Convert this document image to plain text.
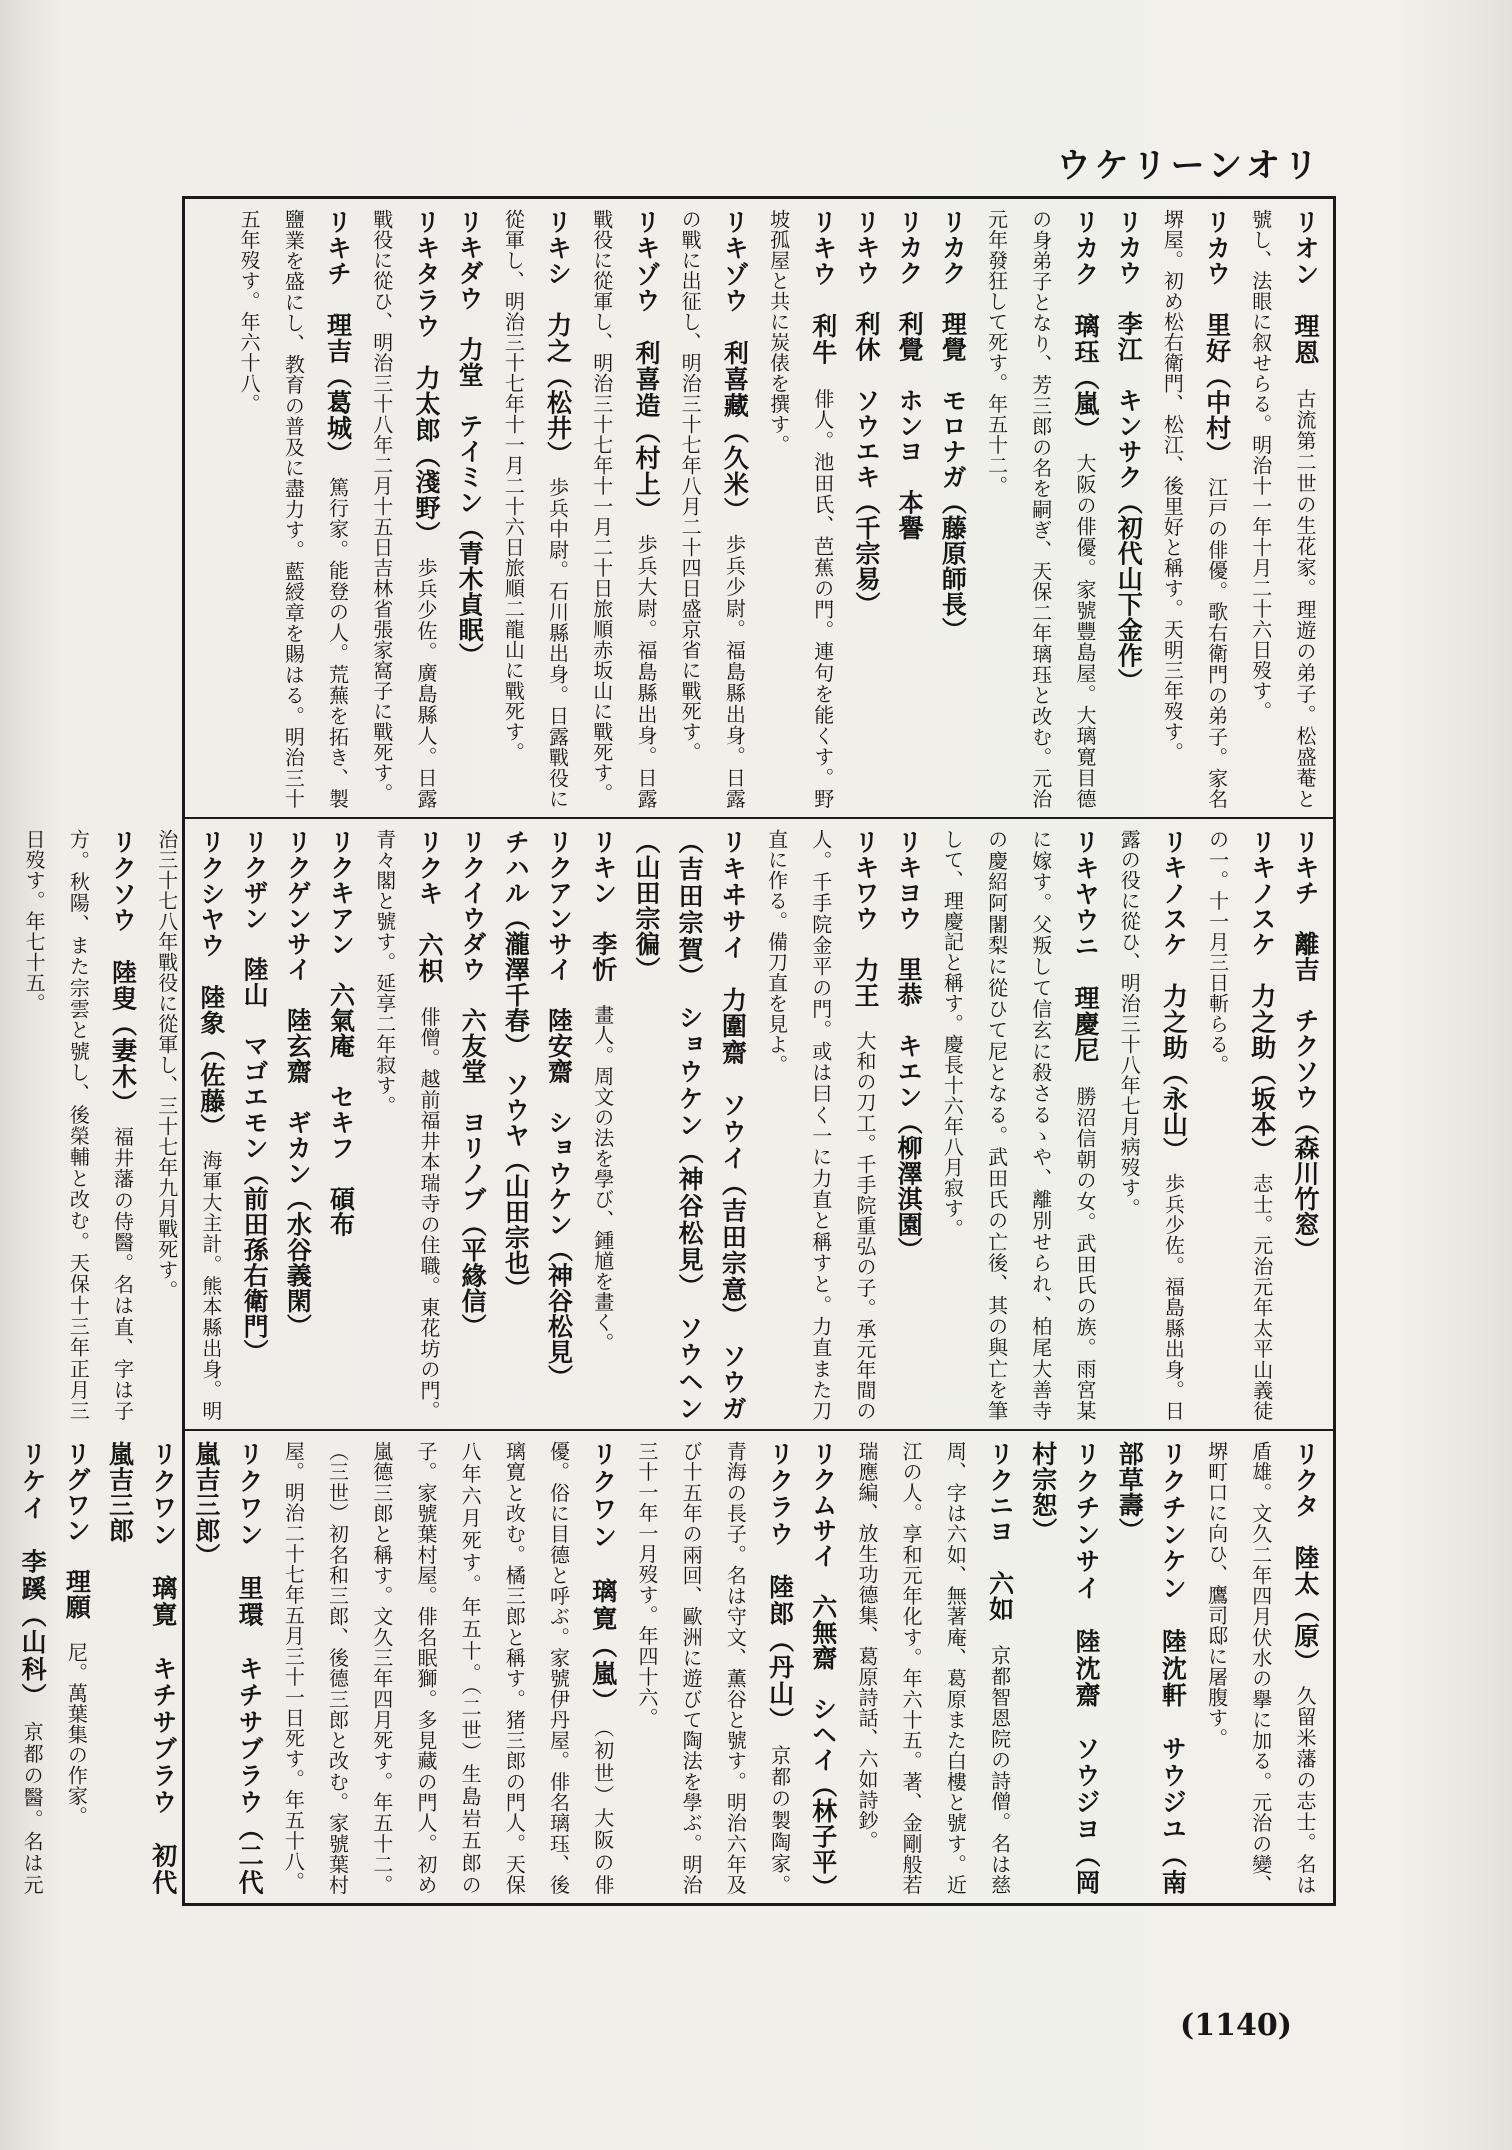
ウケリーンオリ

リオン　理恩　古流第二世の生花家。理遊の弟子。松盛菴と號し、法眼に叙せらる。明治十一年十月二十六日歿す。

リカウ　里好（中村）　江戸の俳優。歌右衛門の弟子。家名堺屋。初め松右衛門、松江、後里好と稱す。天明三年歿す。

リカウ　李江　キンサク（初代山下金作）

リカク　璃珏（嵐）　大阪の俳優。家號豐島屋。大璃寛目德の身弟子となり、芳三郎の名を嗣ぎ、天保二年璃珏と改む。元治元年發狂して死す。年五十二。

リカク　理覺　モロナガ（藤原師長）

リカク　利覺　ホンヨ　本譽

リキウ　利休　ソウエキ（千宗易）

リキウ　利牛　俳人。池田氏、芭蕉の門。連句を能くす。野坡孤屋と共に炭俵を撰す。

リキゾウ　利喜藏（久米）　歩兵少尉。福島縣出身。日露の戰に出征し、明治三十七年八月二十四日盛京省に戰死す。

リキゾウ　利喜造（村上）　歩兵大尉。福島縣出身。日露戰役に從軍し、明治三十七年十一月二十日旅順赤坂山に戰死す。

リキシ　力之（松井）　歩兵中尉。石川縣出身。日露戰役に從軍し、明治三十七年十一月二十六日旅順二龍山に戰死す。

リキダウ　力堂　テイミン（青木貞眠）

リキタラウ　力太郎（淺野）　歩兵少佐。廣島縣人。日露戰役に從ひ、明治三十八年二月十五日吉林省張家窩子に戰死す。

リキチ　理吉（葛城）　篤行家。能登の人。荒蕪を拓き、製鹽業を盛にし、教育の普及に盡力す。藍綬章を賜はる。明治三十五年歿す。年六十八。

リキチ　離吉　チクソウ（森川竹窓）

リキノスケ　力之助（坂本）　志士。元治元年太平山義徒の一。十一月三日斬らる。

リキノスケ　力之助（永山）　歩兵少佐。福島縣出身。日露の役に從ひ、明治三十八年七月病歿す。

リキヤウニ　理慶尼　勝沼信朝の女。武田氏の族。雨宮某に嫁す。父叛して信玄に殺さるゝや、離別せられ、柏尾大善寺の慶紹阿闍梨に從ひて尼となる。武田氏の亡後、其の與亡を筆して、理慶記と稱す。慶長十六年八月寂す。

リキヨウ　里恭　キエン（柳澤淇園）

リキワウ　力王　大和の刀工。千手院重弘の子。承元年間の人。千手院金平の門。或は曰く一に力直と稱すと。力直また刀直に作る。備刀直を見よ。

リキヰサイ　力圍齋　ソウイ（吉田宗意）　ソウガ（吉田宗賀）　ショウケン（神谷松見）　ソウヘン（山田宗徧）

リキン　李忻　畫人。周文の法を學び、鍾馗を畫く。

リクアンサイ　陸安齋　ショウケン（神谷松見）

チハル（瀧澤千春）　ソウヤ（山田宗也）

リクイウダウ　六友堂　ヨリノブ（平緣信）

リクキ　六枳　俳僧。越前福井本瑞寺の住職。東花坊の門。青々閣と號す。延享二年寂す。

リクキアン　六氣庵　セキフ　碩布

リクゲンサイ　陸玄齋　ギカン（水谷義閑）

リクザン　陸山　マゴエモン（前田孫右衛門）

リクシヤウ　陸象（佐藤）　海軍大主計。熊本縣出身。明治三十七八年戰役に從軍し、三十七年九月戰死す。

リクソウ　陸叟（妻木）　福井藩の侍醫。名は直、字は子方。秋陽、また宗雲と號し、後榮輔と改む。天保十三年正月三日歿す。年七十五。

リクタ　陸太（原）　久留米藩の志士。名は盾雄。文久二年四月伏水の擧に加る。元治の變、堺町口に向ひ、鷹司邸に屠腹す。

リクチンケン　陸沈軒　サウジユ（南部草壽）

リクチンサイ　陸沈齋　ソウジヨ（岡村宗恕）

リクニヨ　六如　京都智恩院の詩僧。名は慈周、字は六如、無著庵、葛原また白樓と號す。近江の人。享和元年化す。年六十五。著、金剛般若瑞應編、放生功德集、葛原詩話、六如詩鈔。

リクムサイ　六無齋　シヘイ（林子平）

リクラウ　陸郎（丹山）　京都の製陶家。青海の長子。名は守文、薫谷と號す。明治六年及び十五年の兩回、歐洲に遊びて陶法を學ぶ。明治三十一年一月歿す。年四十六。

リクワン　璃寛（嵐）　（初世）大阪の俳優。俗に目德と呼ぶ。家號伊丹屋。俳名璃珏、後璃寛と改む。橘三郎と稱す。猪三郎の門人。天保八年六月死す。年五十。（二世）生島岩五郎の子。家號葉村屋。俳名眠獅。多見藏の門人。初め嵐德三郎と稱す。文久三年四月死す。年五十二。（三世）初名和三郎、後德三郎と改む。家號葉村屋。明治二十七年五月三十一日死す。年五十八。

リクワン　里環　キチサブラウ（二代嵐吉三郎）

リクワン　璃寛　キチサブラウ　初代嵐吉三郎

リグワン　理願　尼。萬葉集の作家。

リケイ　李蹊（山科）　京都の醫。名は元

(1140)
